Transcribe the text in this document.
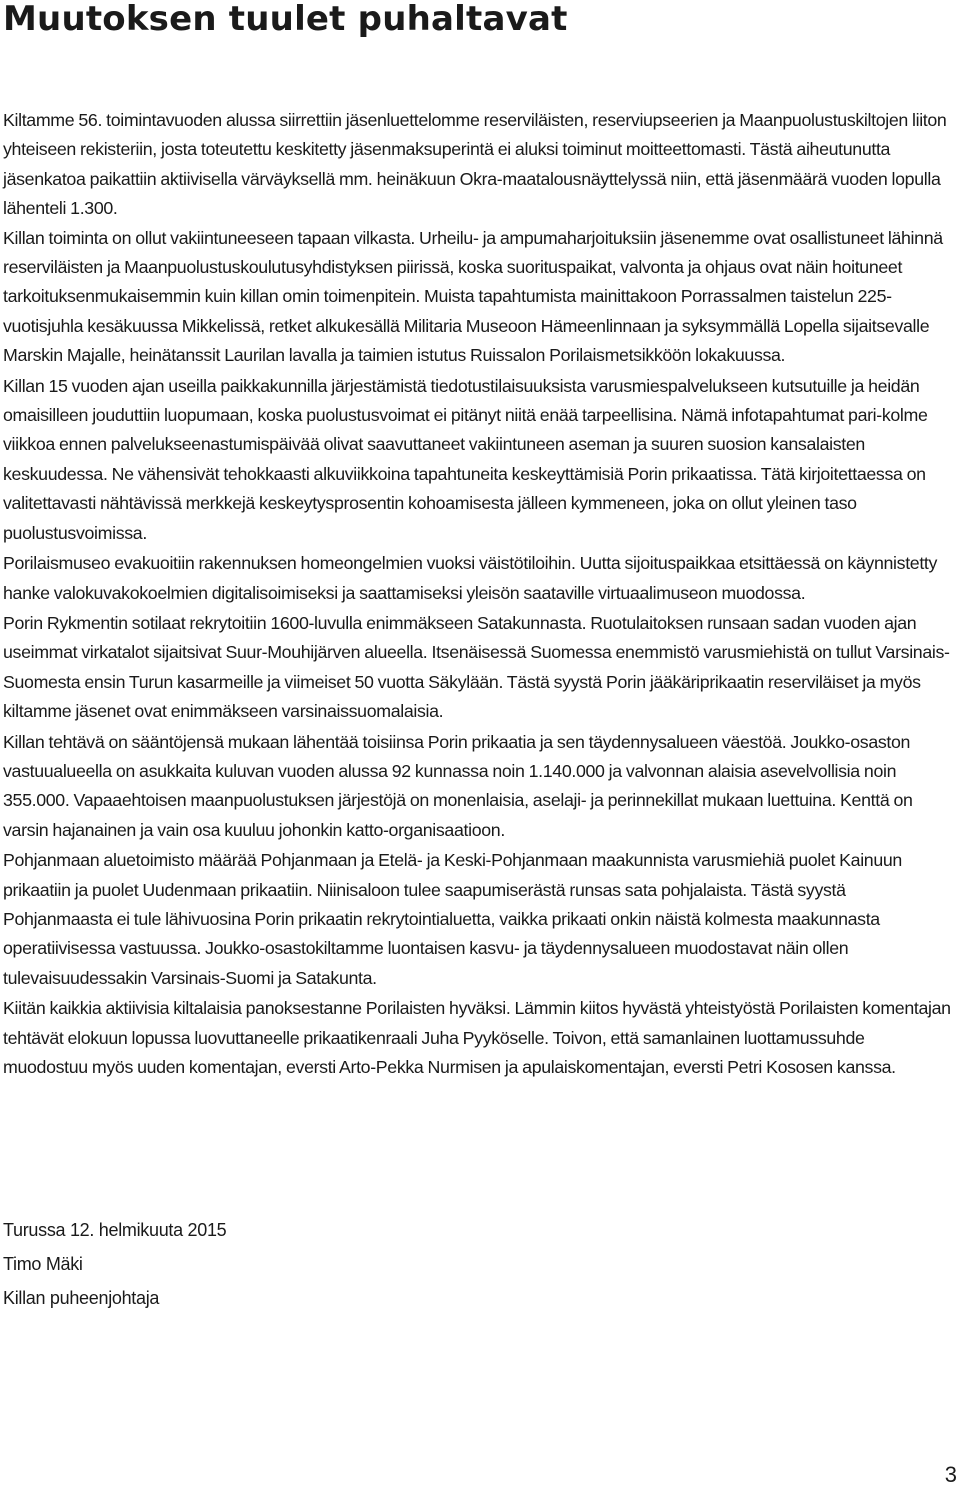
Muutoksen tuulet puhaltavat

Kiltamme 56. toimintavuoden alussa siirrettiin jäsenluettelomme reserviläisten, reserviupseerien ja Maanpuolustuskiltojen liiton yhteiseen rekisteriin, josta toteutettu keskitetty jäsenmaksuperintä ei aluksi toiminut moitteettomasti. Tästä aiheutunutta jäsenkatoa paikattiin aktiivisella värväyksellä mm. heinäkuun Okra-maatalousnäyttelyssä niin, että jäsenmäärä vuoden lopulla lähenteli 1.300.

Killan toiminta on ollut vakiintuneeseen tapaan vilkasta. Urheilu- ja ampumaharjoituksiin jäsenemme ovat osallistuneet lähinnä reserviläisten ja Maanpuolustuskoulutusyhdistyksen piirissä, koska suorituspaikat, valvonta ja ohjaus ovat näin hoituneet tarkoituksenmukaisemmin kuin killan omin toimenpitein. Muista tapahtumista mainittakoon Porrassalmen taistelun 225-vuotisjuhla kesäkuussa Mikkelissä, retket alkukesällä Militaria Museoon Hämeenlinnaan ja syksymmällä Lopella sijaitsevalle Marskin Majalle, heinätanssit Laurilan lavalla ja taimien istutus Ruissalon Porilaismetsikköön lokakuussa.

Killan 15 vuoden ajan useilla paikkakunnilla järjestämistä tiedotustilaisuuksista varusmiespalvelukseen kutsutuille ja heidän omaisilleen jouduttiin luopumaan, koska puolustusvoimat ei pitänyt niitä enää tarpeellisina. Nämä infotapahtumat pari-kolme viikkoa ennen palvelukseenastumispäivää olivat saavuttaneet vakiintuneen aseman ja suuren suosion kansalaisten keskuudessa. Ne vähensivät tehokkaasti alkuviikkoina tapahtuneita keskeyttämisiä Porin prikaatissa. Tätä kirjoitettaessa on valitettavasti nähtävissä merkkejä keskeytysprosentin kohoamisesta jälleen kymmeneen, joka on ollut yleinen taso puolustusvoimissa.

Porilaismuseo evakuoitiin rakennuksen homeongelmien vuoksi väistötiloihin. Uutta sijoituspaikkaa etsittäessä on käynnistetty hanke valokuvakokoelmien digitalisoimiseksi ja saattamiseksi yleisön saataville virtuaalimuseon muodossa.

Porin Rykmentin sotilaat rekrytoitiin 1600-luvulla enimmäkseen Satakunnasta. Ruotulaitoksen runsaan sadan vuoden ajan useimmat virkatalot sijaitsivat Suur-Mouhijärven alueella. Itsenäisessä Suomessa enemmistö varusmiehistä on tullut Varsinais-Suomesta ensin Turun kasarmeille ja viimeiset 50 vuotta Säkylään. Tästä syystä Porin jääkäriprikaatin reserviläiset ja myös kiltamme jäsenet ovat enimmäkseen varsinaissuomalaisia.

Killan tehtävä on sääntöjensä mukaan lähentää toisiinsa Porin prikaatia ja sen täydennysalueen väestöä. Joukko-osaston vastuualueella on asukkaita kuluvan vuoden alussa 92 kunnassa noin 1.140.000 ja valvonnan alaisia asevelvollisia noin 355.000. Vapaaehtoisen maanpuolustuksen järjestöjä on monenlaisia, aselaji- ja perinnekillat mukaan luettuina. Kenttä on varsin hajanainen ja vain osa kuuluu johonkin katto-organisaatioon.

Pohjanmaan aluetoimisto määrää Pohjanmaan ja Etelä- ja Keski-Pohjanmaan maakunnista varusmiehiä puolet Kainuun prikaatiin ja puolet Uudenmaan prikaatiin. Niinisaloon tulee saapumiserästä runsas sata pohjalaista. Tästä syystä Pohjanmaasta ei tule lähivuosina Porin prikaatin rekrytointialuetta, vaikka prikaati onkin näistä kolmesta maakunnasta operatiivisessa vastuussa. Joukko-osastokiltamme luontaisen kasvu- ja täydennysalueen muodostavat näin ollen tulevaisuudessakin Varsinais-Suomi ja Satakunta.

Kiitän kaikkia aktiivisia kiltalaisia panoksestanne Porilaisten hyväksi. Lämmin kiitos hyvästä yhteistyöstä Porilaisten komentajan tehtävät elokuun lopussa luovuttaneelle prikaatikenraali Juha Pyyköselle. Toivon, että samanlainen luottamussuhde muodostuu myös uuden komentajan, eversti Arto-Pekka Nurmisen ja apulaiskomentajan, eversti Petri Kososen kanssa.

Turussa 12. helmikuuta 2015
Timo Mäki
Killan puheenjohtaja
3
